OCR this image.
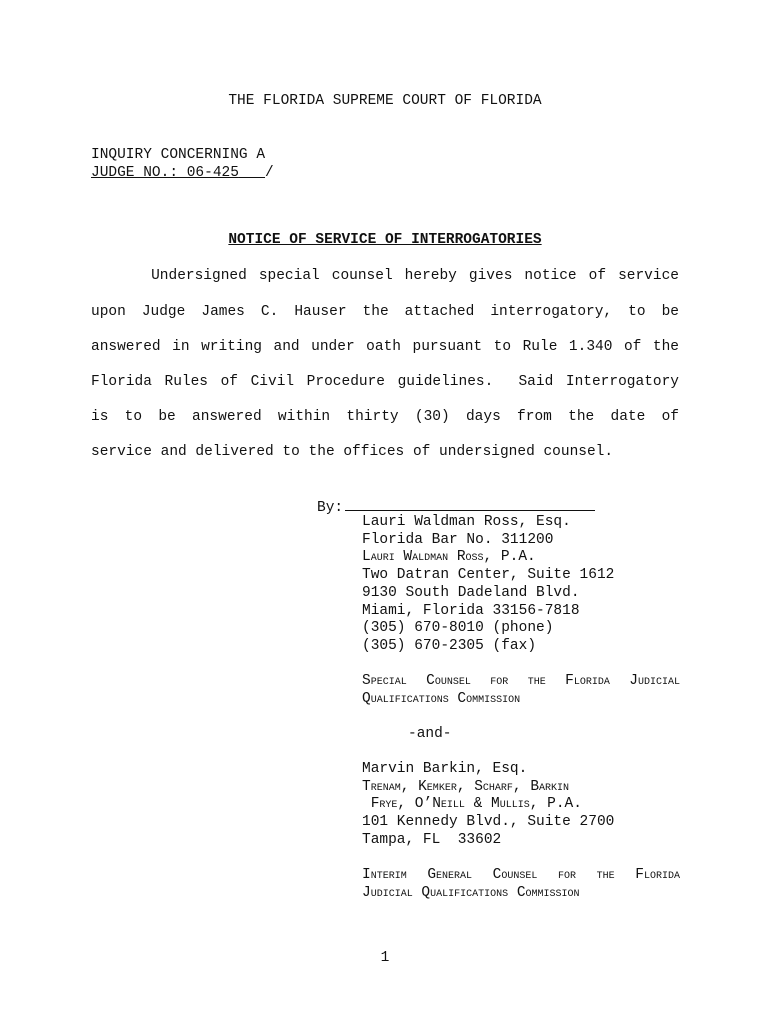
THE FLORIDA SUPREME COURT OF FLORIDA
INQUIRY CONCERNING A
JUDGE NO.: 06-425 /
NOTICE OF SERVICE OF INTERROGATORIES
Undersigned special counsel hereby gives notice of service
upon Judge James C. Hauser the attached interrogatory, to be
answered in writing and under oath pursuant to Rule 1.340 of the
Florida Rules of Civil Procedure guidelines.  Said Interrogatory
is to be answered within thirty (30) days from the date of
service and delivered to the offices of undersigned counsel.
By:
Lauri Waldman Ross, Esq.
Florida Bar No. 311200
Lauri Waldman Ross, P.A.
Two Datran Center, Suite 1612
9130 South Dadeland Blvd.
Miami, Florida 33156-7818
(305) 670-8010 (phone)
(305) 670-2305 (fax)
Special Counsel for the Florida Judicial
Qualifications Commission
-and-
Marvin Barkin, Esq.
Trenam, Kemker, Scharf, Barkin
Frye, O’Neill & Mullis, P.A.
101 Kennedy Blvd., Suite 2700
Tampa, FL  33602
Interim General Counsel for the Florida
Judicial Qualifications Commission
1
